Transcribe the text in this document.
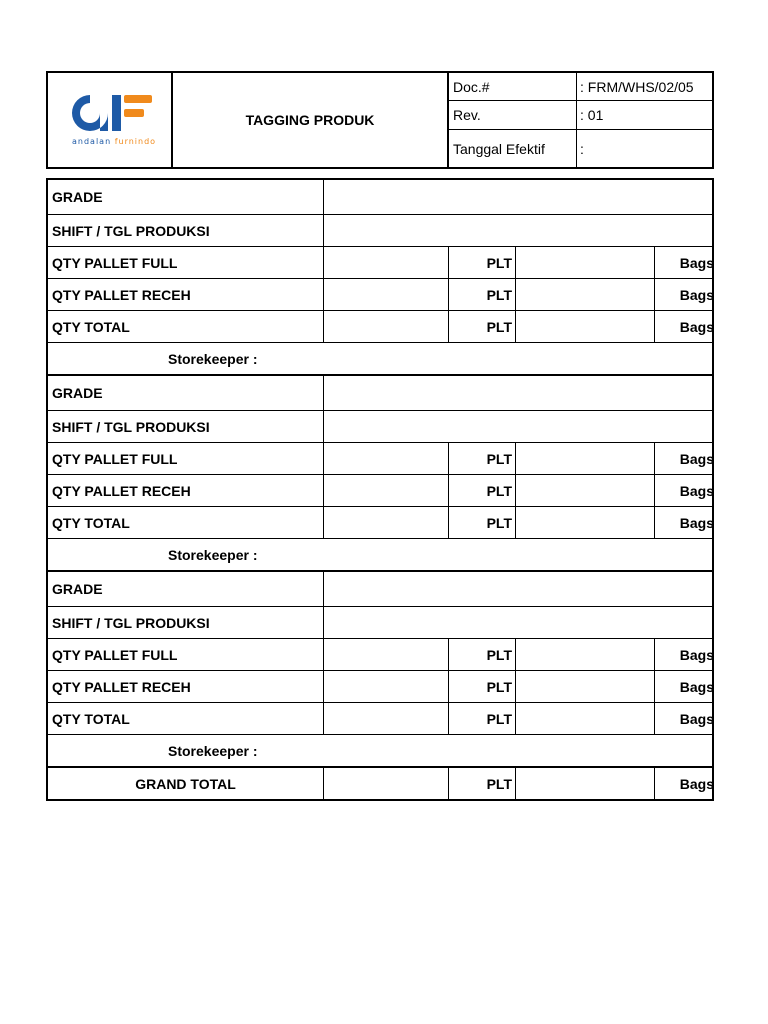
andalan furnindo
TAGGING PRODUK
Doc.#	: FRM/WHS/02/05
Rev.	: 01
Tanggal Efektif	:
GRADE
SHIFT / TGL PRODUKSI
QTY PALLET FULL	PLT	Bags
QTY PALLET RECEH	PLT	Bags
QTY TOTAL	PLT	Bags
Storekeeper :
GRADE
SHIFT / TGL PRODUKSI
QTY PALLET FULL	PLT	Bags
QTY PALLET RECEH	PLT	Bags
QTY TOTAL	PLT	Bags
Storekeeper :
GRADE
SHIFT / TGL PRODUKSI
QTY PALLET FULL	PLT	Bags
QTY PALLET RECEH	PLT	Bags
QTY TOTAL	PLT	Bags
Storekeeper :
GRAND TOTAL	PLT	Bags
